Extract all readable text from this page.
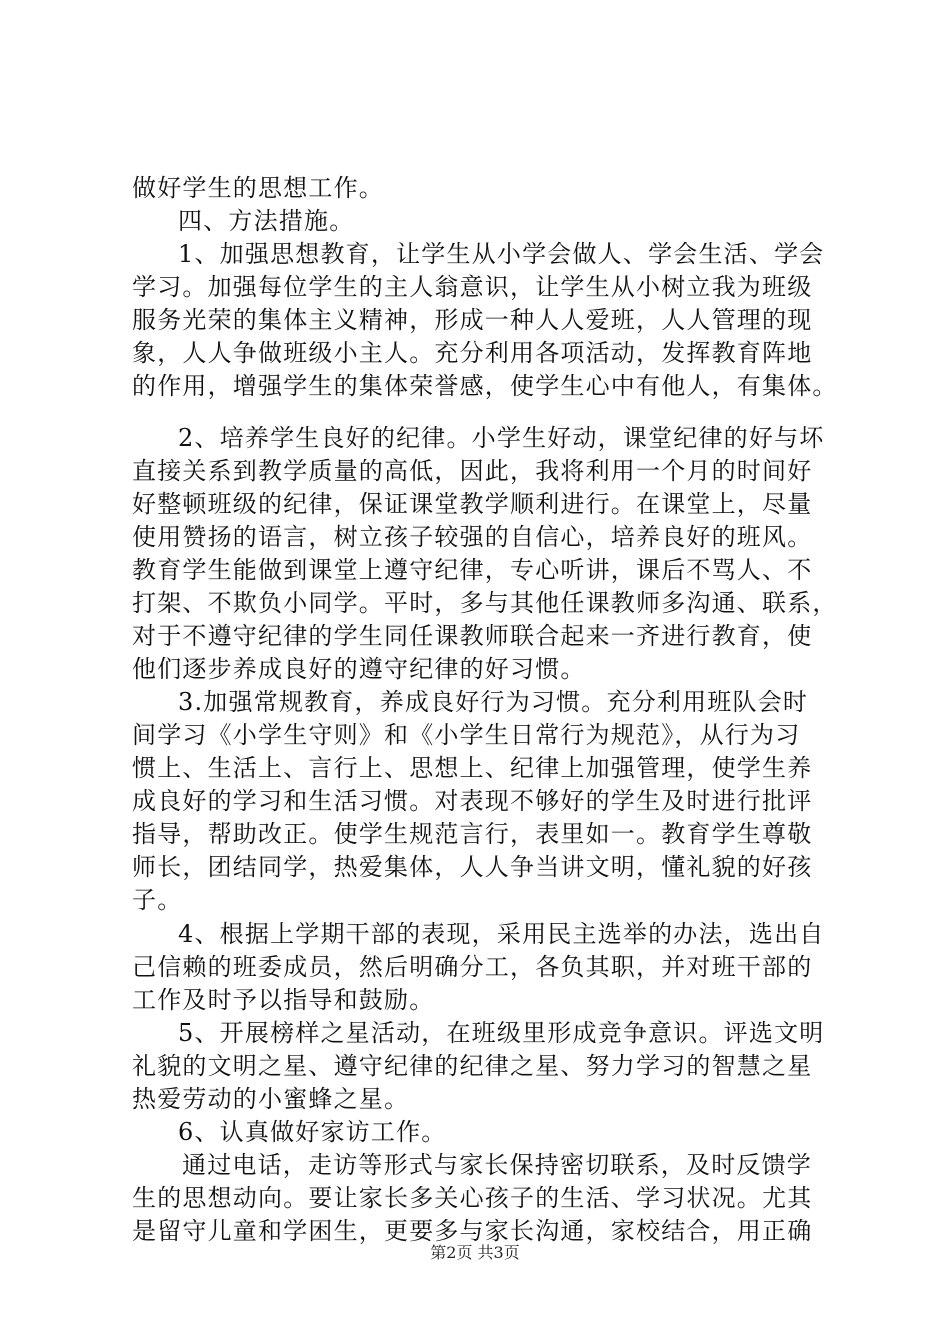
做好学生的思想工作。
四、方法措施。
1、加强思想教育，让学生从小学会做人、学会生活、学会
学习。加强每位学生的主人翁意识，让学生从小树立我为班级
服务光荣的集体主义精神，形成一种人人爱班，人人管理的现
象，人人争做班级小主人。充分利用各项活动，发挥教育阵地
的作用，增强学生的集体荣誉感，使学生心中有他人，有集体。
2、培养学生良好的纪律。小学生好动，课堂纪律的好与坏
直接关系到教学质量的高低，因此，我将利用一个月的时间好
好整顿班级的纪律，保证课堂教学顺利进行。在课堂上，尽量
使用赞扬的语言，树立孩子较强的自信心，培养良好的班风。
教育学生能做到课堂上遵守纪律，专心听讲，课后不骂人、不
打架、不欺负小同学。平时，多与其他任课教师多沟通、联系，
对于不遵守纪律的学生同任课教师联合起来一齐进行教育，使
他们逐步养成良好的遵守纪律的好习惯。
3.加强常规教育，养成良好行为习惯。充分利用班队会时
间学习《小学生守则》和《小学生日常行为规范》，从行为习
惯上、生活上、言行上、思想上、纪律上加强管理，使学生养
成良好的学习和生活习惯。对表现不够好的学生及时进行批评
指导，帮助改正。使学生规范言行，表里如一。教育学生尊敬
师长，团结同学，热爱集体，人人争当讲文明，懂礼貌的好孩
子。
4、根据上学期干部的表现，采用民主选举的办法，选出自
己信赖的班委成员，然后明确分工，各负其职，并对班干部的
工作及时予以指导和鼓励。
5、开展榜样之星活动，在班级里形成竞争意识。评选文明
礼貌的文明之星、遵守纪律的纪律之星、努力学习的智慧之星
热爱劳动的小蜜蜂之星。
6、认真做好家访工作。
通过电话，走访等形式与家长保持密切联系，及时反馈学
生的思想动向。要让家长多关心孩子的生活、学习状况。尤其
是留守儿童和学困生，更要多与家长沟通，家校结合，用正确
第2页 共3页
